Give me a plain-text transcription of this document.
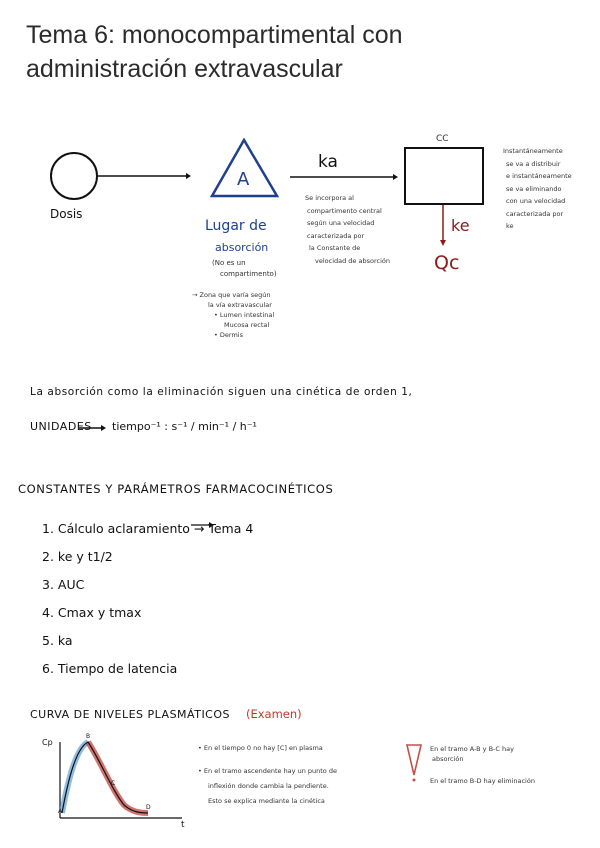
Tema 6: monocompartimental con
administración extravascular
Dosis
A
ka
CC
ke
Qc
Lugar de
absorción
(No es un
compartimento)
→ Zona que varía según
la vía extravascular
• Lumen intestinal
Mucosa rectal
• Dermis
Se incorpora al
compartimento central
según una velocidad
caracterizada por
la Constante de
velocidad de absorción
Instantáneamente
se va a distribuir
e instantáneamente
se va eliminando
con una velocidad
caracterizada por
ke
La absorción como la eliminación siguen una cinética de orden 1,
UNIDADES tiempo⁻¹ : s⁻¹ / min⁻¹ / h⁻¹
CONSTANTES Y PARÁMETROS FARMACOCINÉTICOS
1. Cálculo aclaramiento → Tema 4
2. ke y t1/2
3. AUC
4. Cmax y tmax
5. ka
6. Tiempo de latencia
CURVA DE NIVELES PLASMÁTICOS (Examen)
Cp
t
A
B
C
D
• En el tiempo 0 no hay [C] en plasma
• En el tramo ascendente hay un punto de
inflexión donde cambia la pendiente.
Esto se explica mediante la cinética
En el tramo A-B y B-C hay
absorción
En el tramo B-D hay eliminación
